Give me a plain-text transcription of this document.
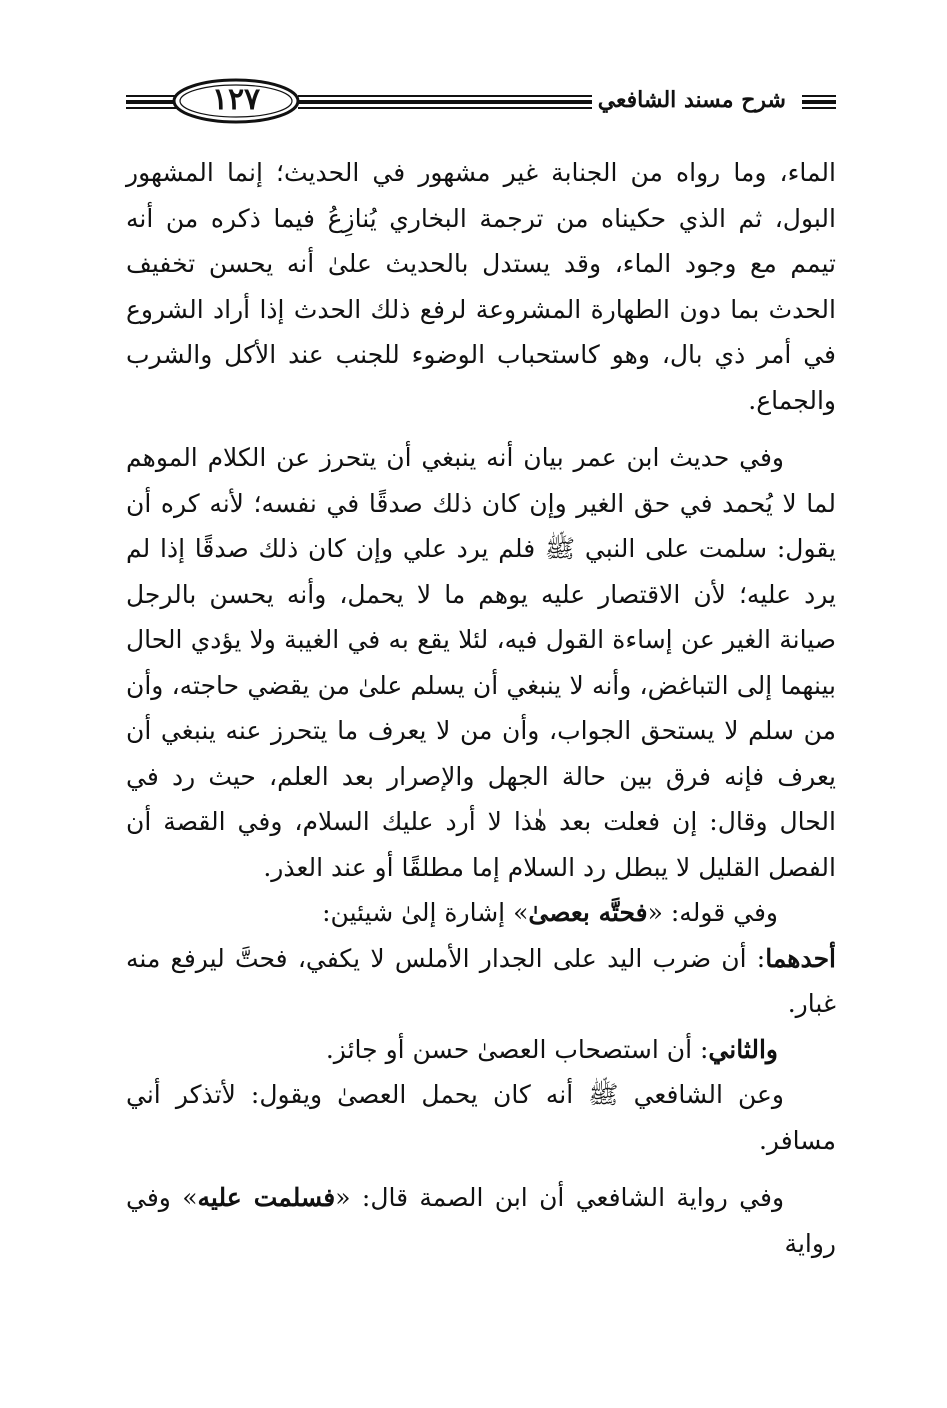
١٢٧	شرح مسند الشافعي

الماء، وما رواه من الجنابة غير مشهور في الحديث؛ إنما المشهور البول، ثم الذي حكيناه من ترجمة البخاري يُنازِعُ فيما ذكره من أنه تيمم مع وجود الماء، وقد يستدل بالحديث علىٰ أنه يحسن تخفيف الحدث بما دون الطهارة المشروعة لرفع ذلك الحدث إذا أراد الشروع في أمر ذي بال، وهو كاستحباب الوضوء للجنب عند الأكل والشرب والجماع.

وفي حديث ابن عمر بيان أنه ينبغي أن يتحرز عن الكلام الموهم لما لا يُحمد في حق الغير وإن كان ذلك صدقًا في نفسه؛ لأنه كره أن يقول: سلمت على النبي ﷺ فلم يرد علي وإن كان ذلك صدقًا إذا لم يرد عليه؛ لأن الاقتصار عليه يوهم ما لا يحمل، وأنه يحسن بالرجل صيانة الغير عن إساءة القول فيه، لئلا يقع به في الغيبة ولا يؤدي الحال بينهما إلى التباغض، وأنه لا ينبغي أن يسلم علىٰ من يقضي حاجته، وأن من سلم لا يستحق الجواب، وأن من لا يعرف ما يتحرز عنه ينبغي أن يعرف فإنه فرق بين حالة الجهل والإصرار بعد العلم، حيث رد في الحال وقال: إن فعلت بعد هٰذا لا أرد عليك السلام، وفي القصة أن الفصل القليل لا يبطل رد السلام إما مطلقًا أو عند العذر.

وفي قوله: «فحتَّه بعصىٰ» إشارة إلىٰ شيئين:

أحدهما: أن ضرب اليد على الجدار الأملس لا يكفي، فحتَّ ليرفع منه غبار.

والثاني: أن استصحاب العصىٰ حسن أو جائز.

وعن الشافعي ﷺ أنه كان يحمل العصىٰ ويقول: لأتذكر أني مسافر.

وفي رواية الشافعي أن ابن الصمة قال: «فسلمت عليه» وفي رواية
